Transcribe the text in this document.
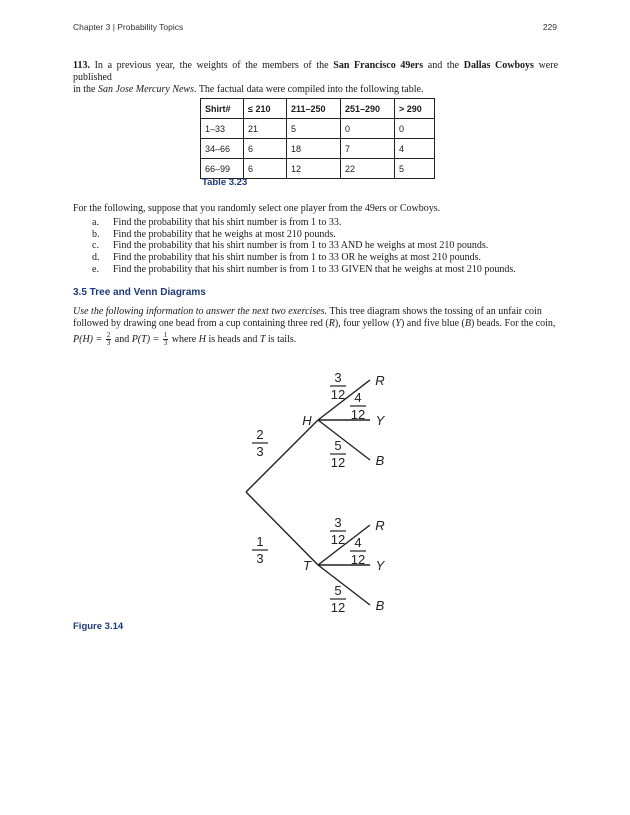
Chapter 3 | Probability Topics	229
113. In a previous year, the weights of the members of the San Francisco 49ers and the Dallas Cowboys were published
in the San Jose Mercury News. The factual data were compiled into the following table.
Shirt#	≤ 210	211–250	251–290	> 290
1–33	21	5	0	0
34–66	6	18	7	4
66–99	6	12	22	5
Table 3.23
For the following, suppose that you randomly select one player from the 49ers or Cowboys.
a.	Find the probability that his shirt number is from 1 to 33.
b.	Find the probability that he weighs at most 210 pounds.
c.	Find the probability that his shirt number is from 1 to 33 AND he weighs at most 210 pounds.
d.	Find the probability that his shirt number is from 1 to 33 OR he weighs at most 210 pounds.
e.	Find the probability that his shirt number is from 1 to 33 GIVEN that he weighs at most 210 pounds.
3.5 Tree and Venn Diagrams
Use the following information to answer the next two exercises. This tree diagram shows the tossing of an unfair coin
followed by drawing one bead from a cup containing three red (R), four yellow (Y) and five blue (B) beads. For the coin,
$P(H) = \frac{2}{3}$ and $P(T) = \frac{1}{3}$ where H is heads and T is tails.
2
3
H
3
12
R
4
12 Y
5
12 B
1
3	T
3
12
R
4
12 Y
5
12 B
Figure 3.14
